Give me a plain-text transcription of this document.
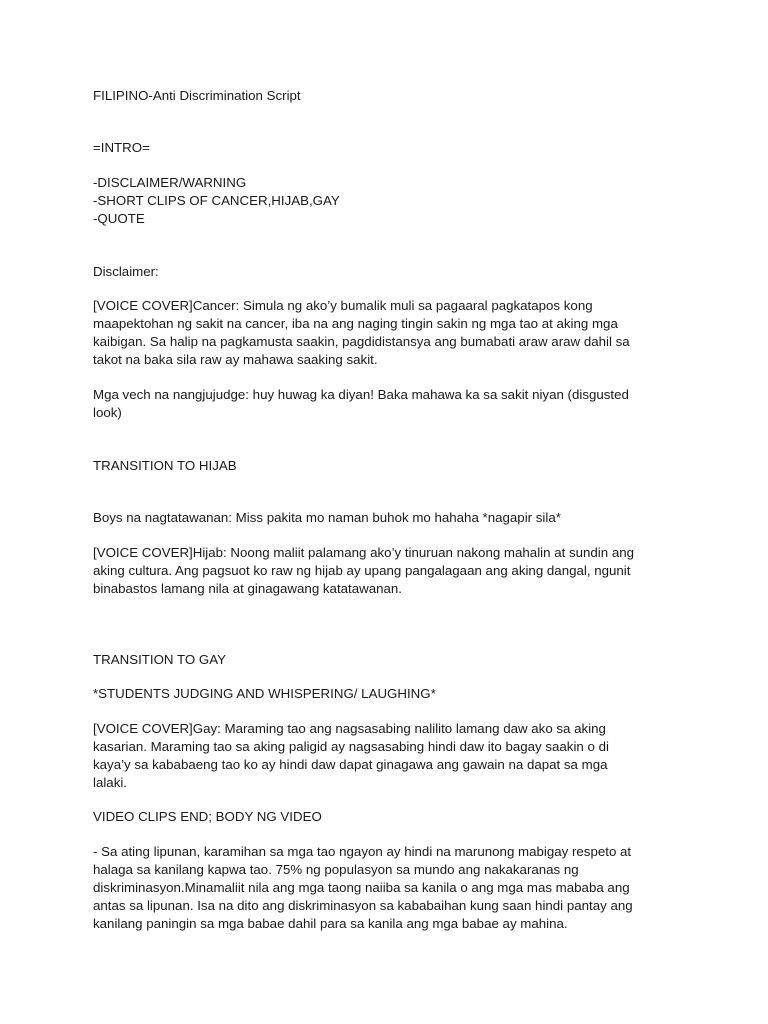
FILIPINO-Anti Discrimination Script

=INTRO=

-DISCLAIMER/WARNING
-SHORT CLIPS OF CANCER,HIJAB,GAY
-QUOTE

Disclaimer:

[VOICE COVER]Cancer: Simula ng ako’y bumalik muli sa pagaaral pagkatapos kong
maapektohan ng sakit na cancer, iba na ang naging tingin sakin ng mga tao at aking mga
kaibigan. Sa halip na pagkamusta saakin, pagdidistansya ang bumabati araw araw dahil sa
takot na baka sila raw ay mahawa saaking sakit.
Mga vech na nangjujudge: huy huwag ka diyan! Baka mahawa ka sa sakit niyan (disgusted
look)

TRANSITION TO HIJAB

Boys na nagtatawanan: Miss pakita mo naman buhok mo hahaha *nagapir sila*

[VOICE COVER]Hijab: Noong maliit palamang ako’y tinuruan nakong mahalin at sundin ang
aking cultura. Ang pagsuot ko raw ng hijab ay upang pangalagaan ang aking dangal, ngunit
binabastos lamang nila at ginagawang katatawanan.

TRANSITION TO GAY

*STUDENTS JUDGING AND WHISPERING/ LAUGHING*

[VOICE COVER]Gay: Maraming tao ang nagsasabing nalilito lamang daw ako sa aking
kasarian. Maraming tao sa aking paligid ay nagsasabing hindi daw ito bagay saakin o di
kaya’y sa kababaeng tao ko ay hindi daw dapat ginagawa ang gawain na dapat sa mga
lalaki.

VIDEO CLIPS END; BODY NG VIDEO

- Sa ating lipunan, karamihan sa mga tao ngayon ay hindi na marunong mabigay respeto at
halaga sa kanilang kapwa tao. 75% ng populasyon sa mundo ang nakakaranas ng
diskriminasyon.Minamaliit nila ang mga taong naiiba sa kanila o ang mga mas mababa ang
antas sa lipunan. Isa na dito ang diskriminasyon sa kababaihan kung saan hindi pantay ang
kanilang paningin sa mga babae dahil para sa kanila ang mga babae ay mahina.
